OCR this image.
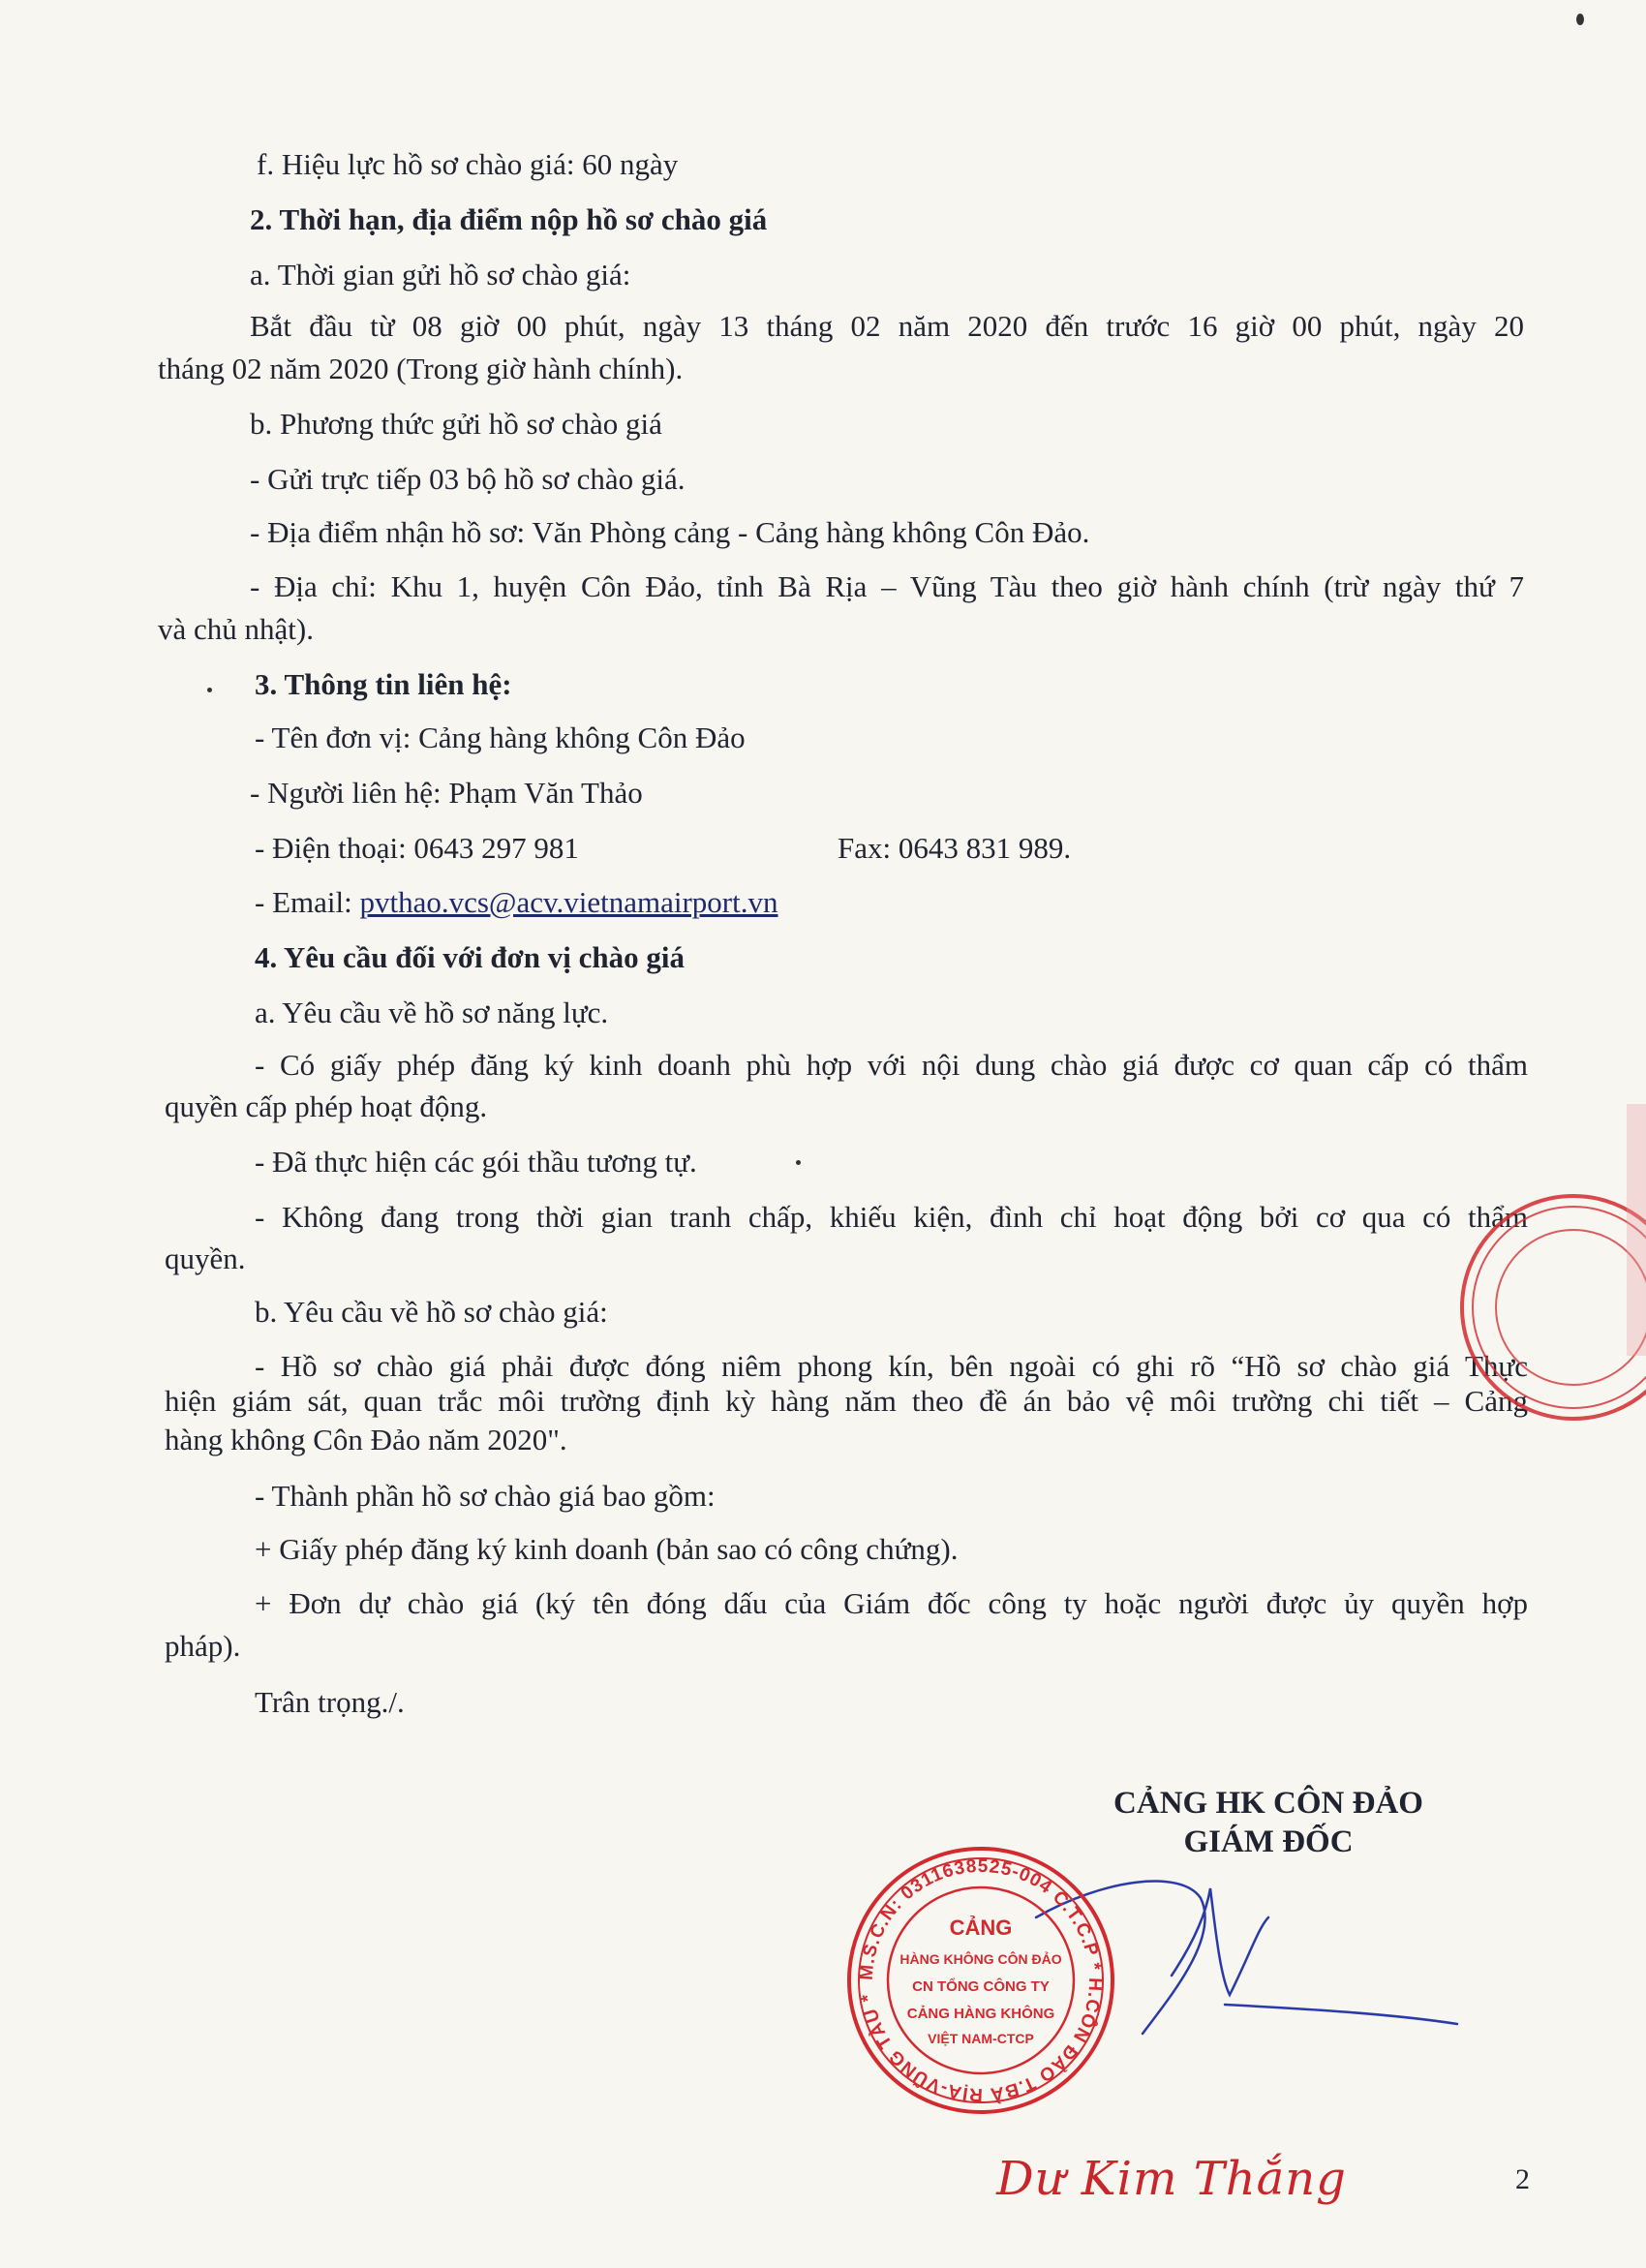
f. Hiệu lực hồ sơ chào giá: 60 ngày
2. Thời hạn, địa điểm nộp hồ sơ chào giá
a. Thời gian gửi hồ sơ chào giá:
Bắt đầu từ 08 giờ 00 phút, ngày 13 tháng 02 năm 2020 đến trước 16 giờ 00 phút, ngày 20
tháng 02 năm 2020 (Trong giờ hành chính).
b. Phương thức gửi hồ sơ chào giá
- Gửi trực tiếp 03 bộ hồ sơ chào giá.
- Địa điểm nhận hồ sơ: Văn Phòng cảng - Cảng hàng không Côn Đảo.
- Địa chỉ: Khu 1, huyện Côn Đảo, tỉnh Bà Rịa – Vũng Tàu theo giờ hành chính (trừ ngày thứ 7
và chủ nhật).
3. Thông tin liên hệ:
- Tên đơn vị: Cảng hàng không Côn Đảo
- Người liên hệ: Phạm Văn Thảo
- Điện thoại: 0643 297 981	Fax: 0643 831 989.
- Email: pvthao.vcs@acv.vietnamairport.vn
4. Yêu cầu đối với đơn vị chào giá
a. Yêu cầu về hồ sơ năng lực.
- Có giấy phép đăng ký kinh doanh phù hợp với nội dung chào giá được cơ quan cấp có thẩm
quyền cấp phép hoạt động.
- Đã thực hiện các gói thầu tương tự.
- Không đang trong thời gian tranh chấp, khiếu kiện, đình chỉ hoạt động bởi cơ qua có thẩm
quyền.
b. Yêu cầu về hồ sơ chào giá:
- Hồ sơ chào giá phải được đóng niêm phong kín, bên ngoài có ghi rõ “Hồ sơ chào giá Thực
hiện giám sát, quan trắc môi trường định kỳ hàng năm theo đề án bảo vệ môi trường chi tiết – Cảng
hàng không Côn Đảo năm 2020".
- Thành phần hồ sơ chào giá bao gồm:
+ Giấy phép đăng ký kinh doanh (bản sao có công chứng).
+ Đơn dự chào giá (ký tên đóng dấu của Giám đốc công ty hoặc người được ủy quyền hợp
pháp).
Trân trọng./.
CẢNG HK CÔN ĐẢO
GIÁM ĐỐC
M.S.C.N: 0311638525-004 C.T.C.P * H.CÔN ĐẢO T.BÀ RỊA-VŨNG TÀU *
CẢNG
HÀNG KHÔNG CÔN ĐẢO
CN TỔNG CÔNG TY
CẢNG HÀNG KHÔNG
VIỆT NAM-CTCP
Dư Kim Thắng	2
